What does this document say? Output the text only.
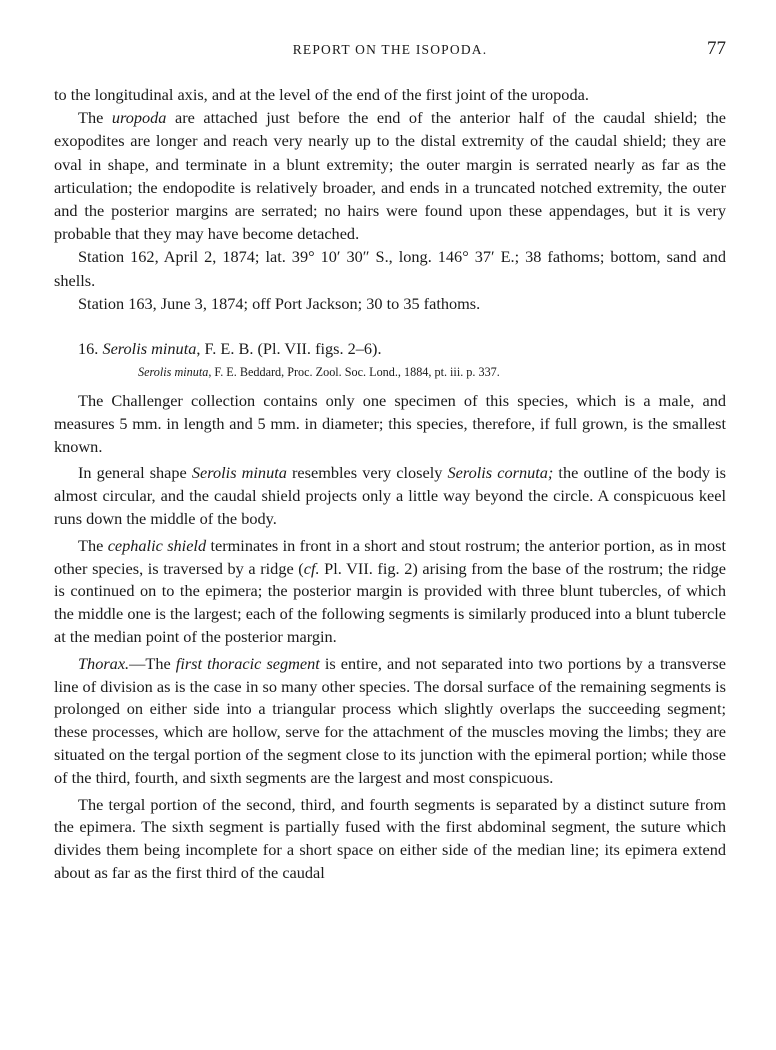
REPORT ON THE ISOPODA.	77

to the longitudinal axis, and at the level of the end of the first joint of the uropoda.

The uropoda are attached just before the end of the anterior half of the caudal shield; the exopodites are longer and reach very nearly up to the distal extremity of the caudal shield; they are oval in shape, and terminate in a blunt extremity; the outer margin is serrated nearly as far as the articulation; the endopodite is relatively broader, and ends in a truncated notched extremity, the outer and the posterior margins are serrated; no hairs were found upon these appendages, but it is very probable that they may have become detached.

Station 162, April 2, 1874; lat. 39° 10′ 30″ S., long. 146° 37′ E.; 38 fathoms; bottom, sand and shells.

Station 163, June 3, 1874; off Port Jackson; 30 to 35 fathoms.

16. Serolis minuta, F. E. B. (Pl. VII. figs. 2–6).
Serolis minuta, F. E. Beddard, Proc. Zool. Soc. Lond., 1884, pt. iii. p. 337.

The Challenger collection contains only one specimen of this species, which is a male, and measures 5 mm. in length and 5 mm. in diameter; this species, therefore, if full grown, is the smallest known.

In general shape Serolis minuta resembles very closely Serolis cornuta; the outline of the body is almost circular, and the caudal shield projects only a little way beyond the circle. A conspicuous keel runs down the middle of the body.

The cephalic shield terminates in front in a short and stout rostrum; the anterior portion, as in most other species, is traversed by a ridge (cf. Pl. VII. fig. 2) arising from the base of the rostrum; the ridge is continued on to the epimera; the posterior margin is provided with three blunt tubercles, of which the middle one is the largest; each of the following segments is similarly produced into a blunt tubercle at the median point of the posterior margin.

Thorax.—The first thoracic segment is entire, and not separated into two portions by a transverse line of division as is the case in so many other species. The dorsal surface of the remaining segments is prolonged on either side into a triangular process which slightly overlaps the succeeding segment; these processes, which are hollow, serve for the attachment of the muscles moving the limbs; they are situated on the tergal portion of the segment close to its junction with the epimeral portion; while those of the third, fourth, and sixth segments are the largest and most conspicuous.

The tergal portion of the second, third, and fourth segments is separated by a distinct suture from the epimera. The sixth segment is partially fused with the first abdominal segment, the suture which divides them being incomplete for a short space on either side of the median line; its epimera extend about as far as the first third of the caudal
